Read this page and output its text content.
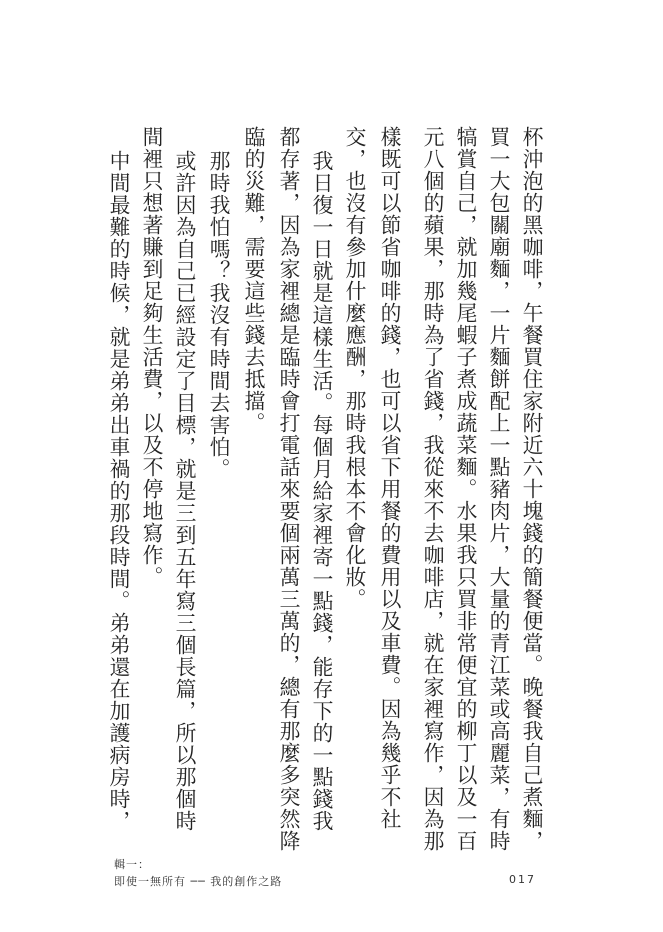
杯沖泡的黑咖啡，午餐買住家附近六十塊錢的簡餐便當。晚餐我自己煮麵，
買一大包關廟麵，一片麵餅配上一點豬肉片，大量的青江菜或高麗菜，有時
犒賞自己，就加幾尾蝦子煮成蔬菜麵。水果我只買非常便宜的柳丁以及一百
元八個的蘋果，那時為了省錢，我從來不去咖啡店，就在家裡寫作，因為那
樣既可以節省咖啡的錢，也可以省下用餐的費用以及車費。因為幾乎不社
交，也沒有參加什麼應酬，那時我根本不會化妝。
我日復一日就是這樣生活。每個月給家裡寄一點錢，能存下的一點錢我
都存著，因為家裡總是臨時會打電話來要個兩萬三萬的，總有那麼多突然降
臨的災難，需要這些錢去抵擋。
那時我怕嗎？我沒有時間去害怕。
或許因為自己已經設定了目標，就是三到五年寫三個長篇，所以那個時
間裡只想著賺到足夠生活費，以及不停地寫作。
中間最難的時候，就是弟弟出車禍的那段時間。弟弟還在加護病房時，
輯一：
即使一無所有 ── 我的創作之路	017
